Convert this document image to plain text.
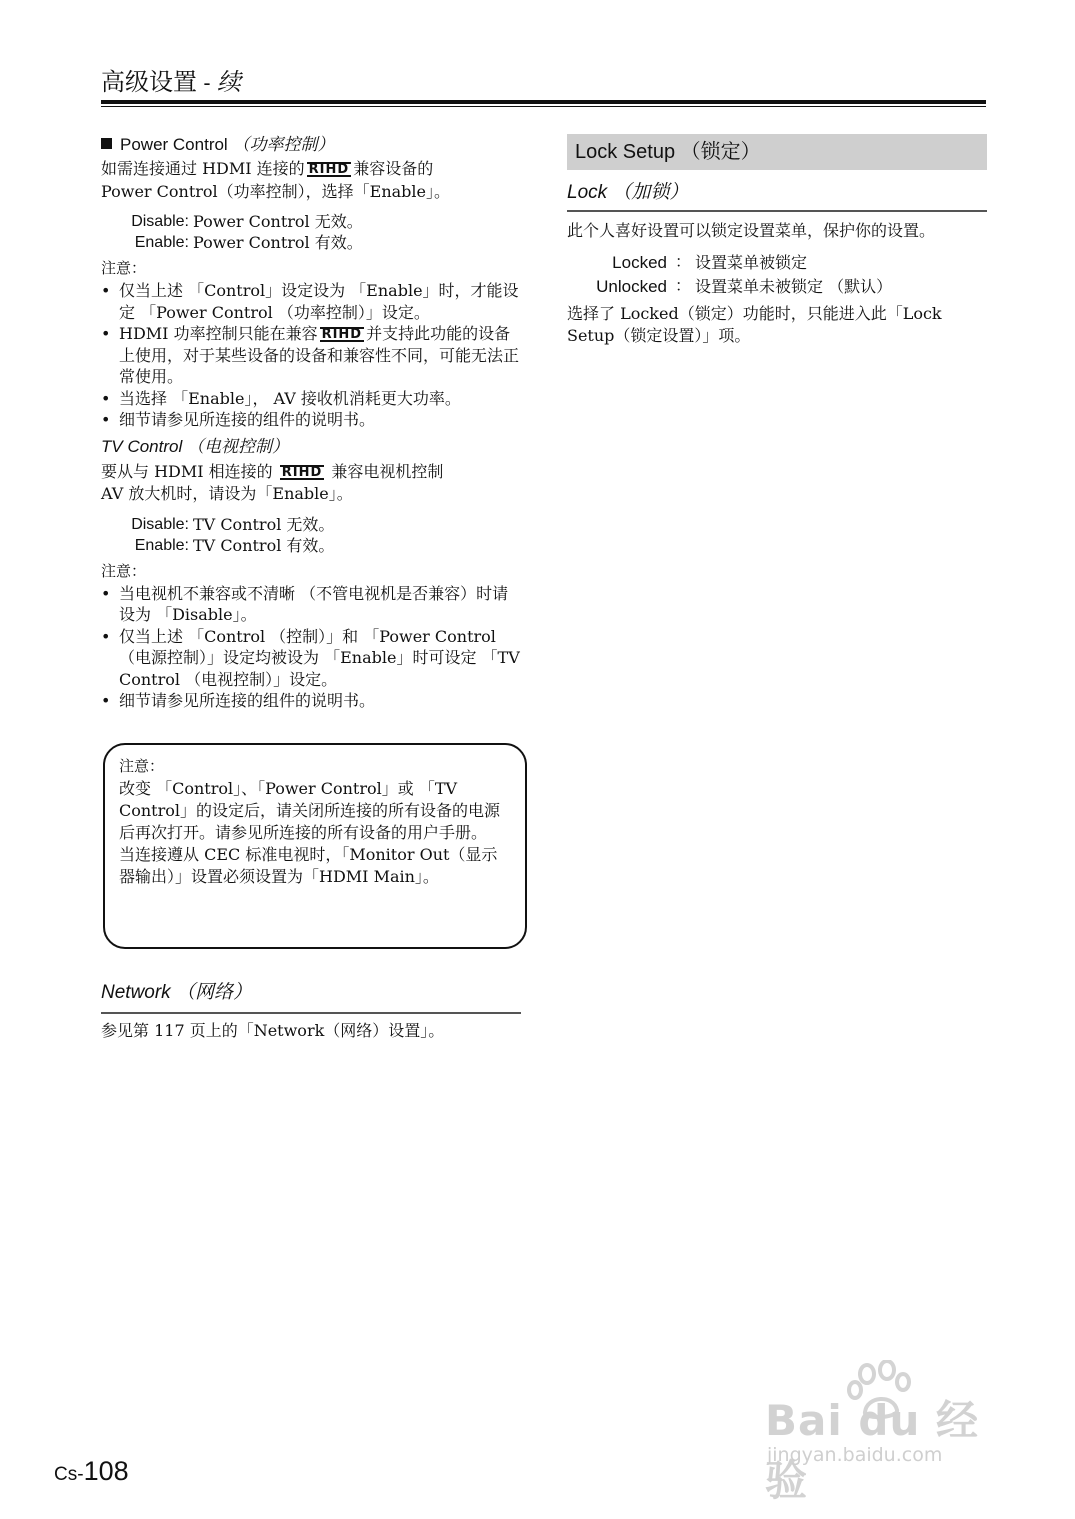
高级设置 - 续
Power Control （功率控制）

如需连接通过 HDMI 连接的 RIHD 兼容设备的
Power Control（功率控制），选择「Enable」。

Disable: Power Control 无效。
Enable: Power Control 有效。
注意：
• 仅当上述 「Control」设定设为 「Enable」时，才能设定 「Power Control （功率控制）」设定。
• HDMI 功率控制只能在兼容 RIHD 并支持此功能的设备上使用，对于某些设备的设备和兼容性不同，可能无法正常使用。
• 当选择 「Enable」， AV 接收机消耗更大功率。
• 细节请参见所连接的组件的说明书。
TV Control （电视控制）

要从与 HDMI 相连接的 RIHD 兼容电视机控制
AV 放大机时，请设为「Enable」。

Disable: TV Control 无效。
Enable: TV Control 有效。
注意：
• 当电视机不兼容或不清晰 （不管电视机是否兼容）时请设为 「Disable」。
• 仅当上述 「Control （控制）」和 「Power Control （电源控制）」设定均被设为 「Enable」时可设定 「TV Control （电视控制）」设定。
• 细节请参见所连接的组件的说明书。
注意：

改变 「Control」、「Power Control」或 「TV Control」的设定后，请关闭所连接的所有设备的电源后再次打开。请参见所连接的所有设备的用户手册。

当连接遵从 CEC 标准电视时，「Monitor Out（显示器输出）」设置必须设置为「HDMI Main」。

Network （网络）

参见第 117 页上的「Network（网络）设置」。

Lock Setup （锁定）
Lock （加锁）

此个人喜好设置可以锁定设置菜单，保护你的设置。

Locked ： 设置菜单被锁定
Unlocked ： 设置菜单未被锁定 （默认）

选择了 Locked（锁定）功能时，只能进入此「Lock Setup（锁定设置）」项。

Bai du 经验
jingyan.baidu.com
Cs-108
